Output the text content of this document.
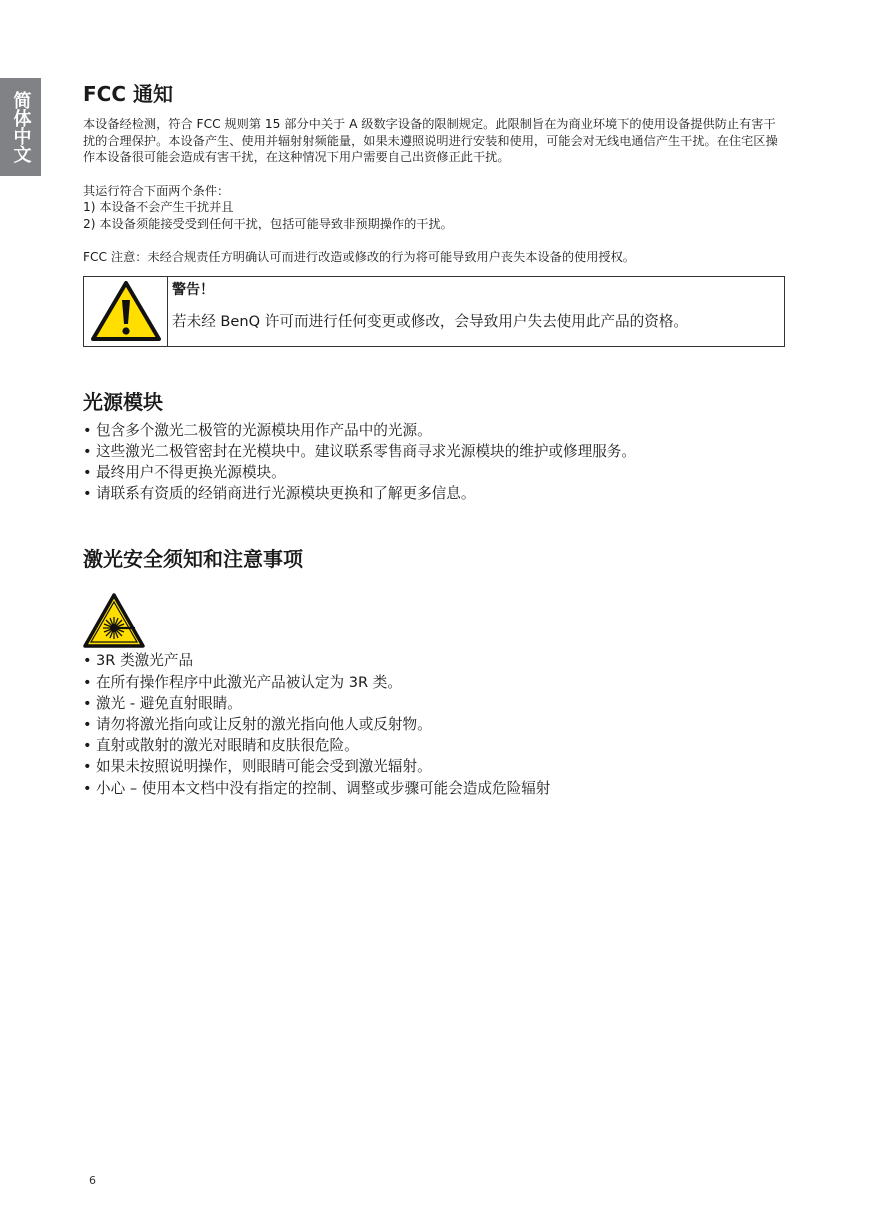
简体中文	FCC 通知

本设备经检测，符合 FCC 规则第 15 部分中关于 A 级数字设备的限制规定。此限制旨在为商业环境下的使用设备提供防止有害干扰的合理保护。本设备产生、使用并辐射射频能量，如果未遵照说明进行安装和使用，可能会对无线电通信产生干扰。在住宅区操作本设备很可能会造成有害干扰，在这种情况下用户需要自己出资修正此干扰。

其运行符合下面两个条件：

1) 本设备不会产生干扰并且

2) 本设备须能接受受到任何干扰，包括可能导致非预期操作的干扰。

FCC 注意：未经合规责任方明确认可而进行改造或修改的行为将可能导致用户丧失本设备的使用授权。

警告！
若未经 BenQ 许可而进行任何变更或修改，会导致用户失去使用此产品的资格。
光源模块
• 包含多个激光二极管的光源模块用作产品中的光源。
• 这些激光二极管密封在光模块中。建议联系零售商寻求光源模块的维护或修理服务。
• 最终用户不得更换光源模块。
• 请联系有资质的经销商进行光源模块更换和了解更多信息。
激光安全须知和注意事项
• 3R 类激光产品
• 在所有操作程序中此激光产品被认定为 3R 类。
• 激光 - 避免直射眼睛。
• 请勿将激光指向或让反射的激光指向他人或反射物。
• 直射或散射的激光对眼睛和皮肤很危险。
• 如果未按照说明操作，则眼睛可能会受到激光辐射。
• 小心 – 使用本文档中没有指定的控制、调整或步骤可能会造成危险辐射
6
